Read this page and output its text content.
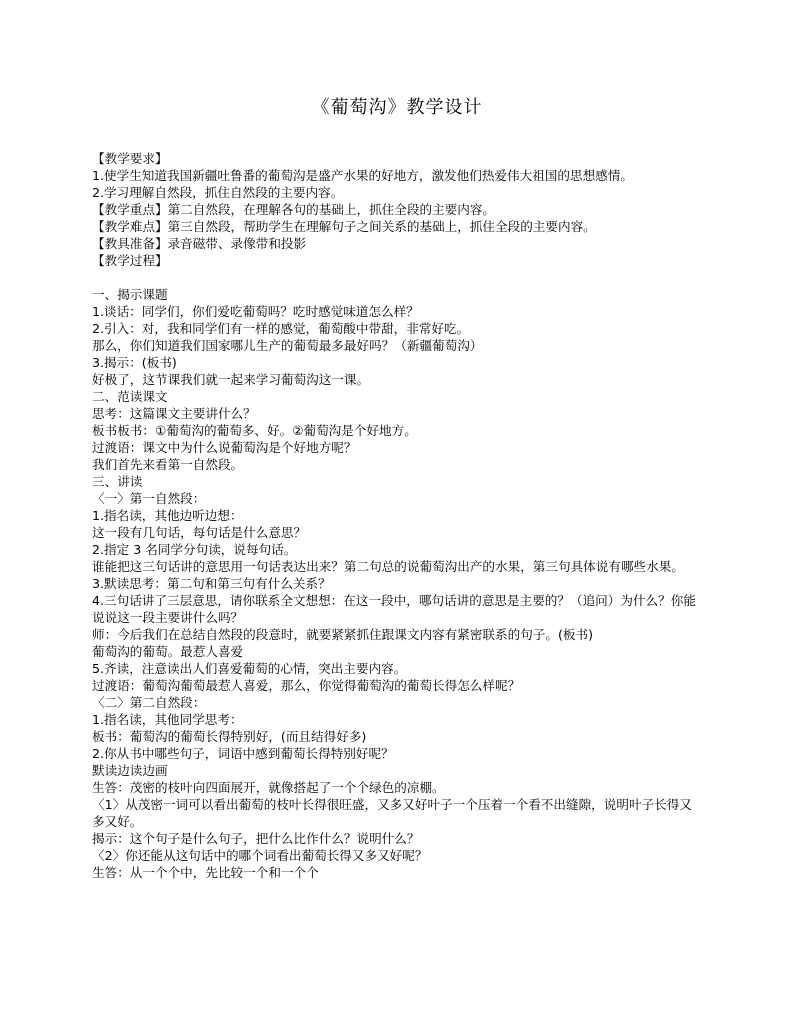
《葡萄沟》教学设计
【教学要求】
1.使学生知道我国新疆吐鲁番的葡萄沟是盛产水果的好地方，激发他们热爱伟大祖国的思想感情。
2.学习理解自然段，抓住自然段的主要内容。
【教学重点】第二自然段，在理解各句的基础上，抓住全段的主要内容。
【教学难点】第三自然段，帮助学生在理解句子之间关系的基础上，抓住全段的主要内容。
【教具准备】录音磁带、录像带和投影
【教学过程】
一、揭示课题
1.谈话：同学们，你们爱吃葡萄吗？吃时感觉味道怎么样？
2.引入：对，我和同学们有一样的感觉，葡萄酸中带甜，非常好吃。
那么，你们知道我们国家哪儿生产的葡萄最多最好吗？（新疆葡萄沟）
3.揭示：(板书)
好极了，这节课我们就一起来学习葡萄沟这一课。
二、范读课文
思考：这篇课文主要讲什么？
板书板书：①葡萄沟的葡萄多、好。②葡萄沟是个好地方。
过渡语：课文中为什么说葡萄沟是个好地方呢？
我们首先来看第一自然段。
三、讲读
〈一〉第一自然段：
1.指名读，其他边听边想：
这一段有几句话，每句话是什么意思？
2.指定 3 名同学分句读，说每句话。
谁能把这三句话讲的意思用一句话表达出来？第二句总的说葡萄沟出产的水果，第三句具体说有哪些水果。
3.默读思考：第二句和第三句有什么关系？
4.三句话讲了三层意思，请你联系全文想想：在这一段中，哪句话讲的意思是主要的？（追问）为什么？你能说说这一段主要讲什么吗？
师：今后我们在总结自然段的段意时，就要紧紧抓住跟课文内容有紧密联系的句子。(板书)
葡萄沟的葡萄。最惹人喜爱
5.齐读，注意读出人们喜爱葡萄的心情，突出主要内容。
过渡语：葡萄沟葡萄最惹人喜爱，那么，你觉得葡萄沟的葡萄长得怎么样呢？
〈二〉第二自然段：
1.指名读，其他同学思考：
板书：葡萄沟的葡萄长得特别好，(而且结得好多)
2.你从书中哪些句子，词语中感到葡萄长得特别好呢？
默读边读边画
生答：茂密的枝叶向四面展开，就像搭起了一个个绿色的凉棚。
〈1〉从茂密一词可以看出葡萄的枝叶长得很旺盛，又多又好叶子一个压着一个看不出缝隙，说明叶子长得又多又好。
揭示：这个句子是什么句子，把什么比作什么？说明什么？
〈2〉你还能从这句话中的哪个词看出葡萄长得又多又好呢？
生答：从一个个中，先比较一个和一个个
